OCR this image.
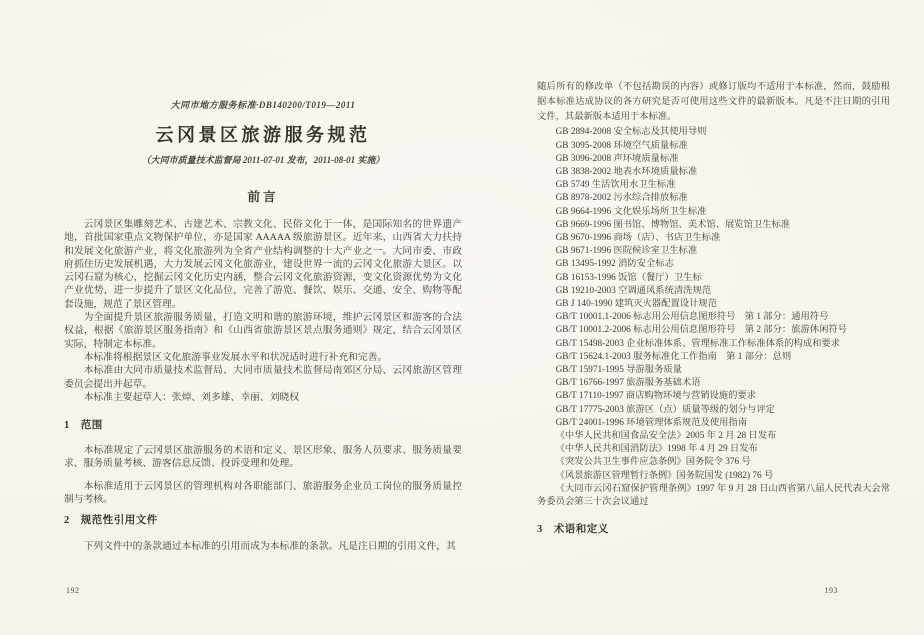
大同市地方服务标准·DB140200/T019—2011
云冈景区旅游服务规范
（大同市质量技术监督局 2011-07-01 发布，2011-08-01 实施）
前言

云冈景区集雕刻艺术、古建艺术、宗教文化、民俗文化于一体，是国际知名的世界遗产地，首批国家重点文物保护单位，亦是国家 AAAAA 级旅游景区。近年来，山西省大力扶持和发展文化旅游产业，将文化旅游列为全省产业结构调整的十大产业之一。大同市委、市政府抓住历史发展机遇，大力发展云冈文化旅游业，建设世界一流的云冈文化旅游大景区。以云冈石窟为核心，挖掘云冈文化历史内涵，整合云冈文化旅游资源，变文化资源优势为文化产业优势，进一步提升了景区文化品位，完善了游览、餐饮、娱乐、交通、安全、购物等配套设施，规范了景区管理。

为全面提升景区旅游服务质量，打造文明和谐的旅游环境，维护云冈景区和游客的合法权益，根据《旅游景区服务指南》和《山西省旅游景区景点服务通则》规定，结合云冈景区实际，特制定本标准。

本标准将根据景区文化旅游事业发展水平和状况适时进行补充和完善。

本标准由大同市质量技术监督局、大同市质量技术监督局南郊区分局、云冈旅游区管理委员会提出并起草。

本标准主要起草人：张焯、刘多雄、幸丽、刘晓权

1　范围

本标准规定了云冈景区旅游服务的术语和定义、景区形象、服务人员要求、服务质量要求、服务质量考核、游客信息反馈、投诉受理和处理。

本标准适用于云冈景区的管理机构对各职能部门、旅游服务企业员工岗位的服务质量控制与考核。

2　规范性引用文件

下列文件中的条款通过本标准的引用而成为本标准的条款。凡是注日期的引用文件，其

192

随后所有的修改单（不包括勘误的内容）或修订版均不适用于本标准，然而，鼓励根据本标准达成协议的各方研究是否可使用这些文件的最新版本。凡是不注日期的引用文件，其最新版本适用于本标准。

GB 2894-2008 安全标志及其使用导则

GB 3095-2008 环境空气质量标准

GB 3096-2008 声环境质量标准

GB 3838-2002 地表水环境质量标准

GB 5749 生活饮用水卫生标准

GB 8978-2002 污水综合排放标准

GB 9664-1996 文化娱乐场所卫生标准

GB 9669-1996 图书馆、博物馆、美术馆、展览馆卫生标准

GB 9670-1996 商场（店）、书店卫生标准

GB 9671-1996 医院候诊室卫生标准

GB 13495-1992 消防安全标志

GB 16153-1996 饭馆（餐厅）卫生标

GB 19210-2003 空调通风系统清洗规范

GB J 140-1990 建筑灭火器配置设计规范

GB/T 10001.1-2006 标志用公用信息图形符号　第 1 部分：通用符号

GB/T 10001.2-2006 标志用公用信息图形符号　第 2 部分：旅游休闲符号

GB/T 15498-2003 企业标准体系、管理标准工作标准体系的构成和要求

GB/T 15624.1-2003 服务标准化工作指南　第 1 部分：总则

GB/T 15971-1995 导游服务质量

GB/T 16766-1997 旅游服务基础术语

GB/T 17110-1997 商店购物环境与营销设施的要求

GB/T 17775-2003 旅游区（点）质量等级的划分与评定

GB/T 24001-1996 环境管理体系规范及使用指南

《中华人民共和国食品安全法》2005 年 2 月 28 日发布

《中华人民共和国消防法》1998 年 4 月 29 日发布

《突发公共卫生事件应急条例》国务院令 376 号

《风景旅游区管理暂行条例》国务院国发 (1982) 76 号

《大同市云冈石窟保护管理条例》1997 年 9 月 28 日山西省第八届人民代表大会常务委员会第三十次会议通过

3　术语和定义
193
